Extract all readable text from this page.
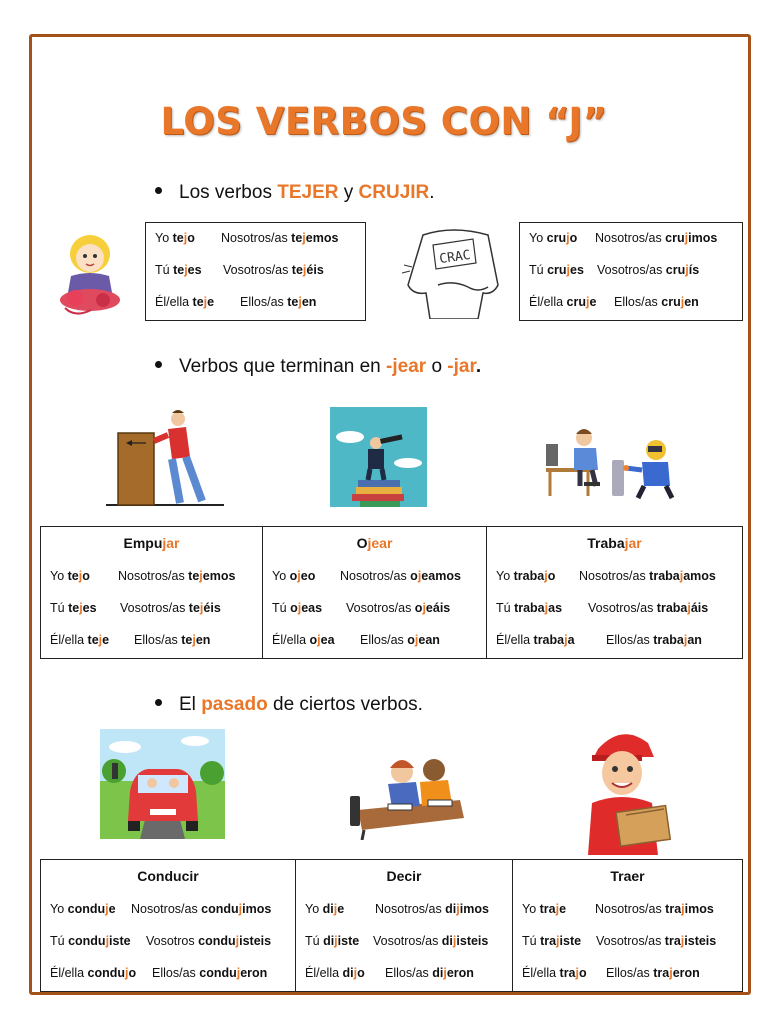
LOS VERBOS CON “J”
Los verbos TEJER y CRUJIR.
Yo tejo Nosotros/as tejemos
Tú tejes Vosotros/as tejéis
Él/ella teje Ellos/as tejen
CRAC
Yo crujo Nosotros/as crujimos
Tú crujes Vosotros/as crujís
Él/ella cruje Ellos/as crujen
Verbos que terminan en -jear o -jar.
Empujar
Yo tejo Nosotros/as tejemos
Tú tejes Vosotros/as tejéis
Él/ella teje Ellos/as tejen
Ojear
Yo ojeo Nosotros/as ojeamos
Tú ojeas Vosotros/as ojeáis
Él/ella ojea Ellos/as ojean
Trabajar
Yo trabajo Nosotros/as trabajamos
Tú trabajas Vosotros/as trabajáis
Él/ella trabaja	Ellos/as trabajan
El pasado de ciertos verbos.
Conducir
Yo conduje Nosotros/as condujimos
Tú condujiste Vosotros condujisteis
Él/ella condujo Ellos/as condujeron
Decir
Yo dije Nosotros/as dijimos
Tú dijiste Vosotros/as dijisteis
Él/ella dijo Ellos/as dijeron
Traer
Yo traje Nosotros/as trajimos
Tú trajiste Vosotros/as trajisteis
Él/ella trajo Ellos/as trajeron
